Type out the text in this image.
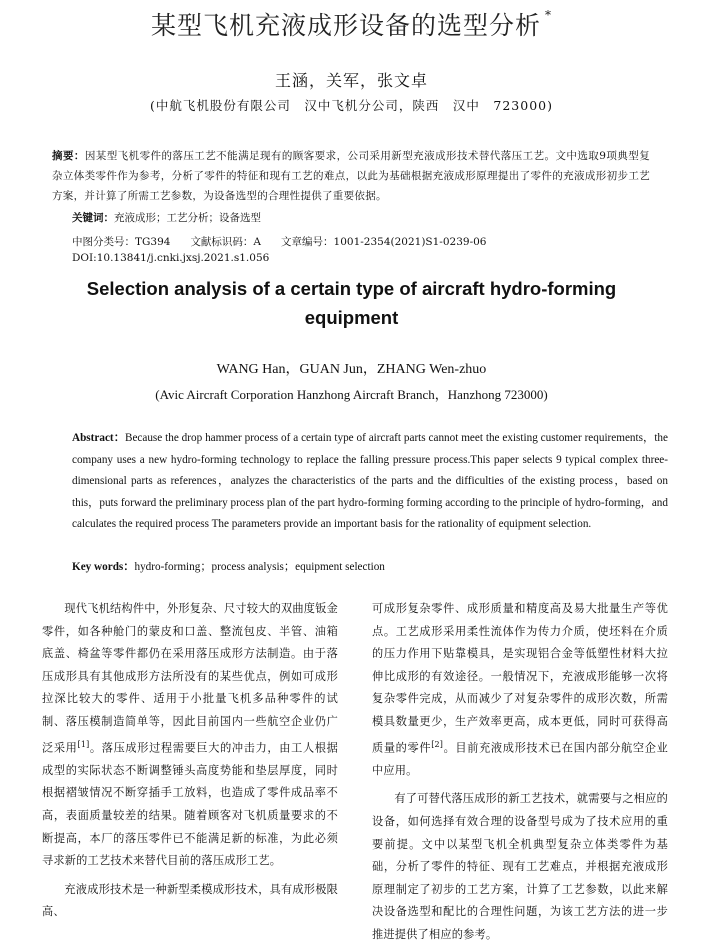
某型飞机充液成形设备的选型分析 *
王涵，关军，张文卓
(中航飞机股份有限公司　汉中飞机分公司，陕西　汉中　723000)
摘要：因某型飞机零件的落压工艺不能满足现有的顾客要求，公司采用新型充液成形技术替代落压工艺。文中选取9项典型复杂立体类零件作为参考，分析了零件的特征和现有工艺的难点，以此为基础根据充液成形原理提出了零件的充液成形初步工艺方案，并计算了所需工艺参数，为设备选型的合理性提供了重要依据。
关键词：充液成形；工艺分析；设备选型
中图分类号：TG394 文献标识码：A 文章编号：1001-2354(2021)S1-0239-06
DOI:10.13841/j.cnki.jxsj.2021.s1.056
Selection analysis of a certain type of aircraft hydro-forming equipment
WANG Han，GUAN Jun，ZHANG Wen-zhuo
(Avic Aircraft Corporation Hanzhong Aircraft Branch，Hanzhong 723000)
Abstract：Because the drop hammer process of a certain type of aircraft parts cannot meet the existing customer requirements，the company uses a new hydro-forming technology to replace the falling pressure process.This paper selects 9 typical complex three-dimensional parts as references，analyzes the characteristics of the parts and the difficulties of the existing process，based on this，puts forward the preliminary process plan of the part hydro-forming forming according to the principle of hydro-forming，and calculates the required process The parameters provide an important basis for the rationality of equipment selection.
Key words：hydro-forming；process analysis；equipment selection

现代飞机结构件中，外形复杂、尺寸较大的双曲度钣金零件，如各种舱门的蒙皮和口盖、整流包皮、半管、油箱底盖、椅盆等零件都仍在采用落压成形方法制造。由于落压成形具有其他成形方法所没有的某些优点，例如可成形拉深比较大的零件、适用于小批量飞机多品种零件的试制、落压模制造简单等，因此目前国内一些航空企业仍广泛采用[1]。落压成形过程需要巨大的冲击力，由工人根据成型的实际状态不断调整锤头高度势能和垫层厚度，同时根据褶皱情况不断穿插手工放料，也造成了零件成品率不高，表面质量较差的结果。随着顾客对飞机质量要求的不断提高，本厂的落压零件已不能满足新的标准，为此必须寻求新的工艺技术来替代目前的落压成形工艺。

充液成形技术是一种新型柔模成形技术，具有成形极限高、

可成形复杂零件、成形质量和精度高及易大批量生产等优点。工艺成形采用柔性流体作为传力介质，使坯料在介质的压力作用下贴靠模具，是实现铝合金等低塑性材料大拉伸比成形的有效途径。一般情况下，充液成形能够一次将复杂零件完成，从而减少了对复杂零件的成形次数，所需模具数量更少，生产效率更高，成本更低，同时可获得高质量的零件[2]。目前充液成形技术已在国内部分航空企业中应用。

有了可替代落压成形的新工艺技术，就需要与之相应的设备，如何选择有效合理的设备型号成为了技术应用的重要前提。文中以某型飞机全机典型复杂立体类零件为基础，分析了零件的特征、现有工艺难点，并根据充液成形原理制定了初步的工艺方案，计算了工艺参数，以此来解决设备选型和配比的合理性问题，为该工艺方法的进一步推进提供了相应的参考。
